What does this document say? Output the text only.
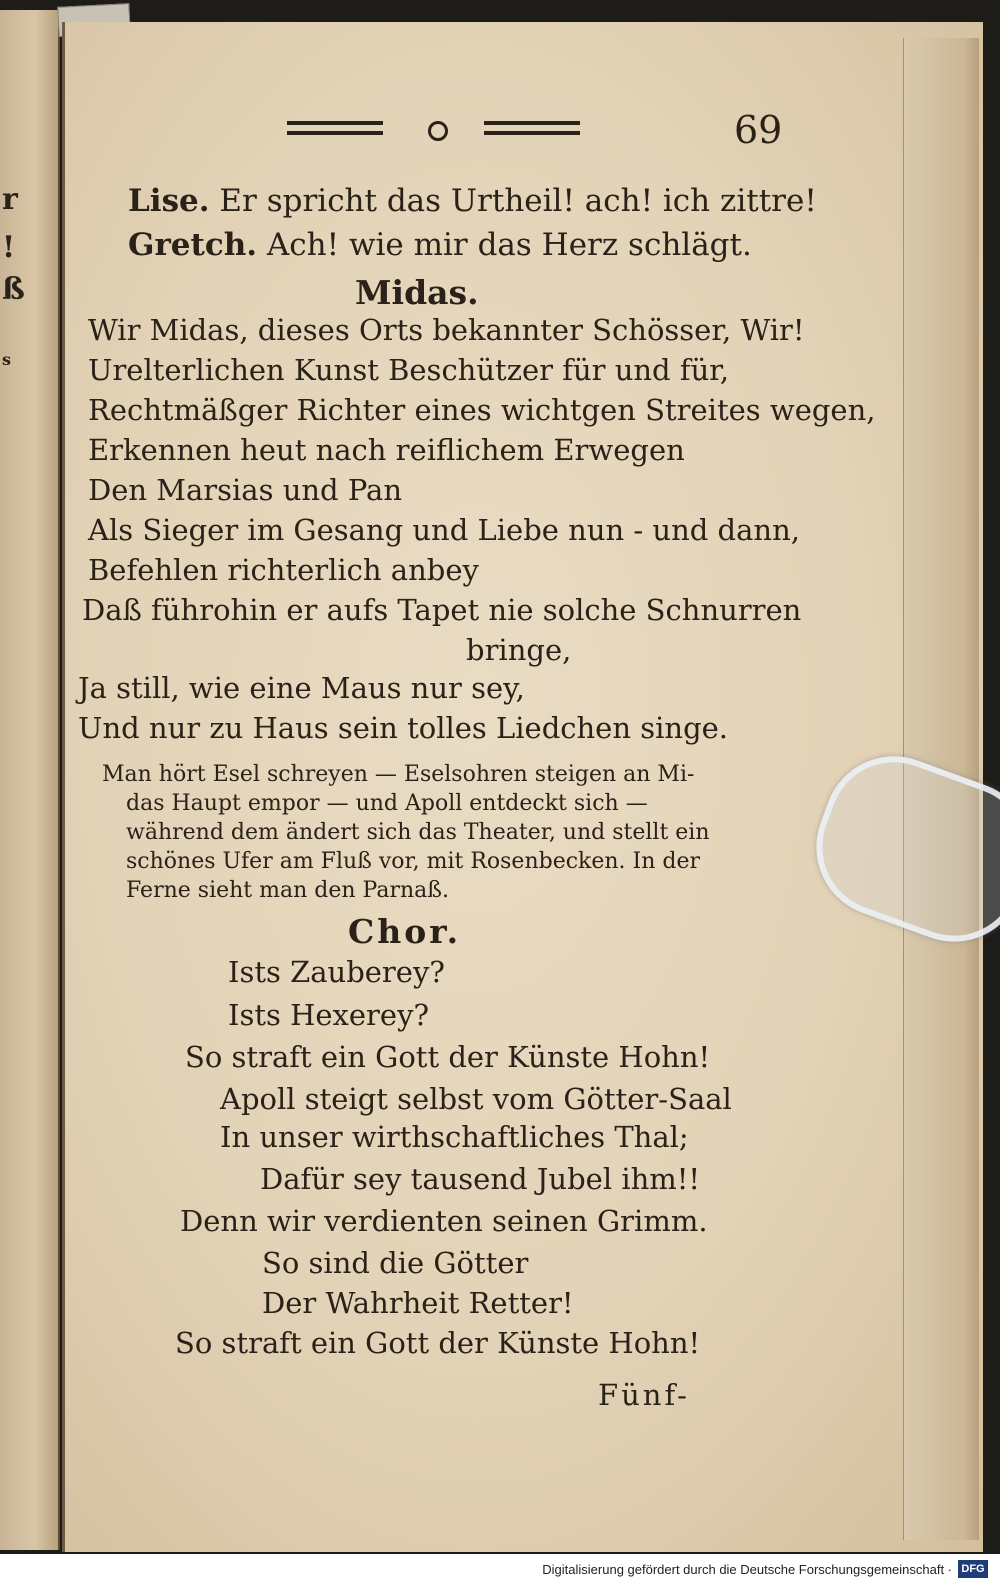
r
!
ß
s
69
Lise. Er spricht das Urtheil! ach! ich zittre!
Gretch. Ach! wie mir das Herz schlägt.
Midas.
Wir Midas, dieses Orts bekannter Schösser, Wir!
Urelterlichen Kunst Beschützer für und für,
Rechtmäßger Richter eines wichtgen Streites wegen,
Erkennen heut nach reiflichem Erwegen
Den Marsias und Pan
Als Sieger im Gesang und Liebe nun - und dann,
Befehlen richterlich anbey
Daß führohin er aufs Tapet nie solche Schnurren
bringe,
Ja still, wie eine Maus nur sey,
Und nur zu Haus sein tolles Liedchen singe.
Man hört Esel schreyen — Eselsohren steigen an Mi-
das Haupt empor — und Apoll entdeckt sich —
während dem ändert sich das Theater, und stellt ein
schönes Ufer am Fluß vor, mit Rosenbecken. In der
Ferne sieht man den Parnaß.
Chor.
Ists Zauberey?
Ists Hexerey?
So straft ein Gott der Künste Hohn!
Apoll steigt selbst vom Götter-Saal
In unser wirthschaftliches Thal;
Dafür sey tausend Jubel ihm!!
Denn wir verdienten seinen Grimm.
So sind die Götter
Der Wahrheit Retter!
So straft ein Gott der Künste Hohn!
Fünf-
Digitalisierung gefördert durch die Deutsche Forschungsgemeinschaft · DFG
